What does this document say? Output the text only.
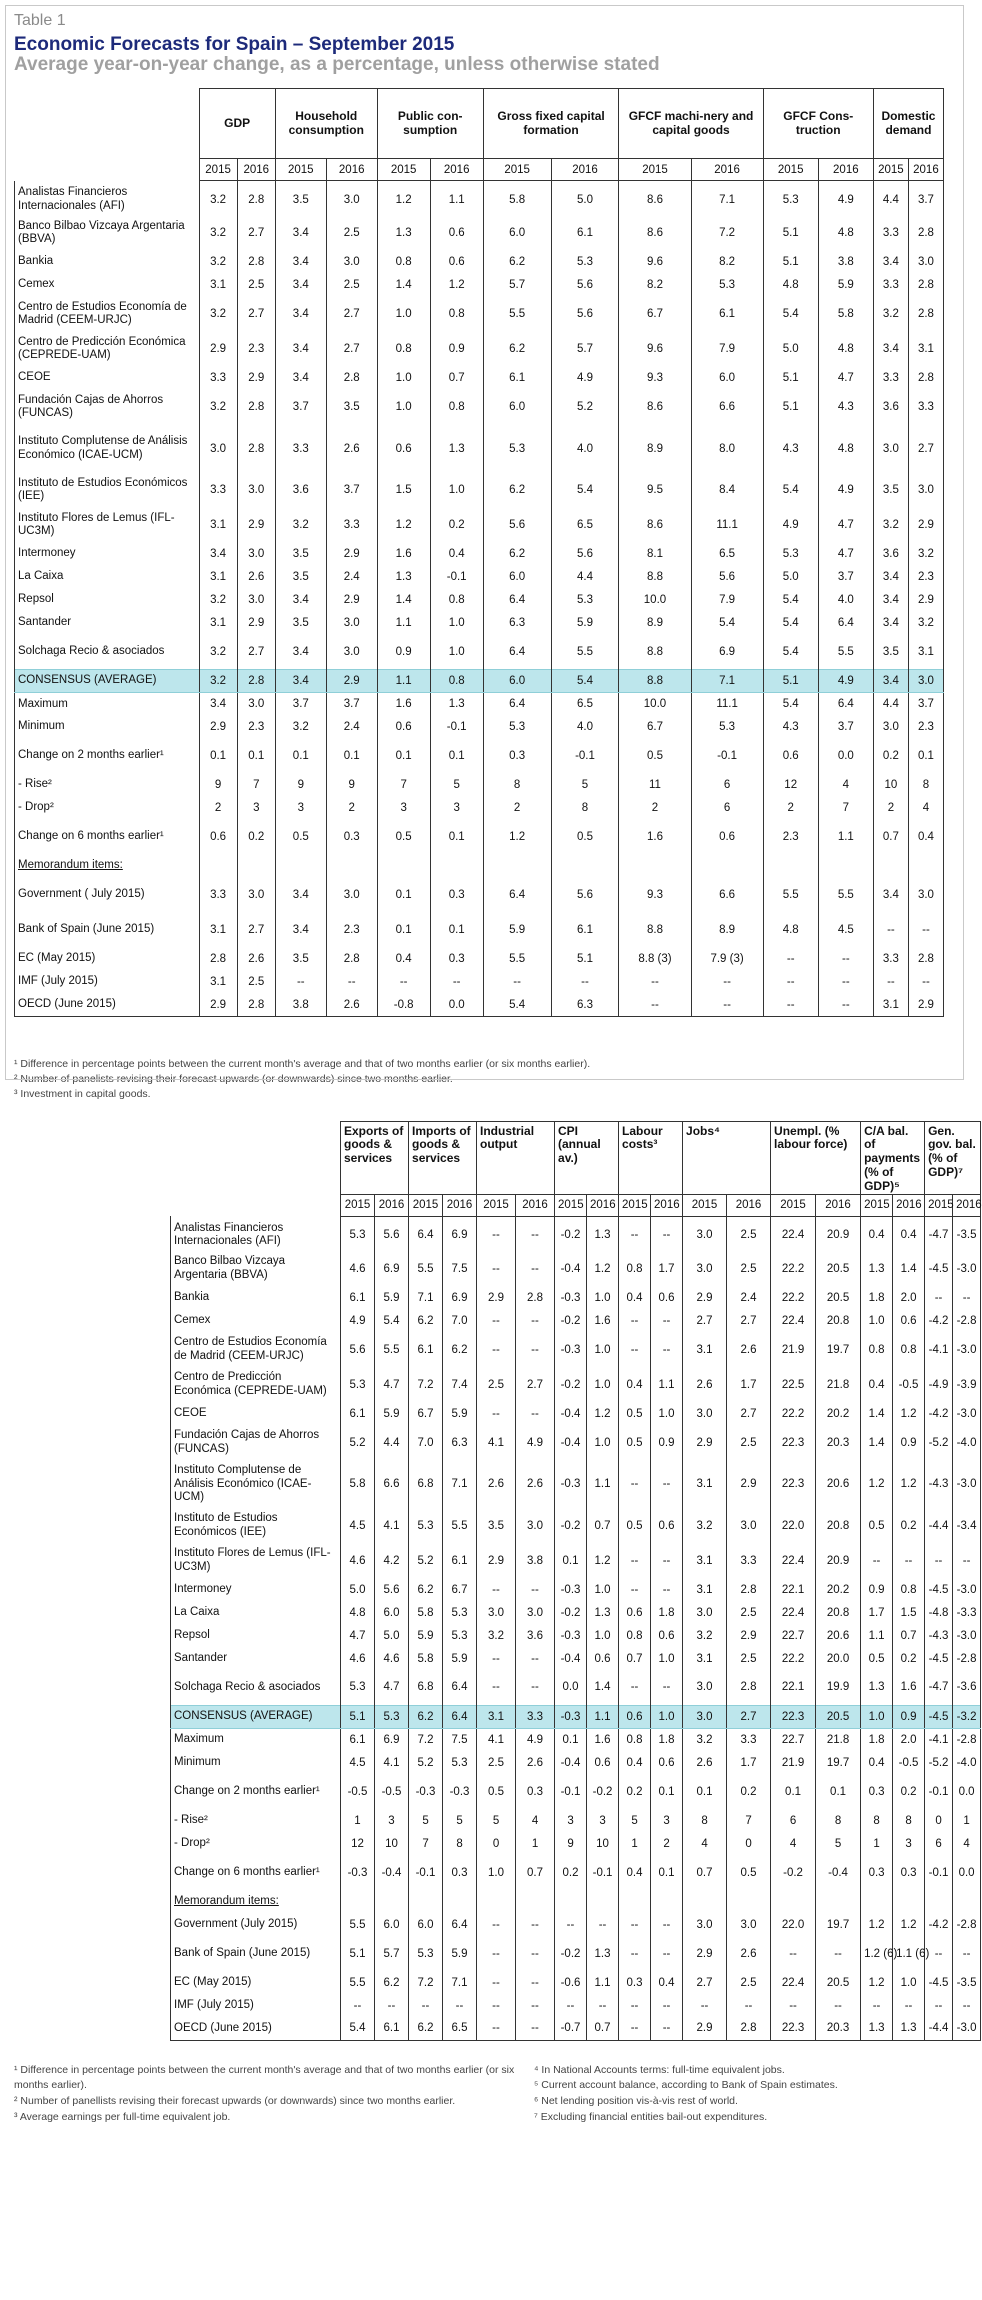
Table 1
Economic Forecasts for Spain – September 2015
Average year-on-year change, as a percentage, unless otherwise stated
	GDP		Household consumption		Public con-sumption		Gross fixed capital formation		GFCF machi-nery and capital goods		GFCF Cons-truction		Domestic demand	
	2015	2016	2015	2016	2015	2016	2015	2016	2015	2016	2015	2016	2015	2016
Analistas Financieros Internacionales (AFI)	3.2	2.8	3.5	3.0	1.2	1.1	5.8	5.0	8.6	7.1	5.3	4.9	4.4	3.7
Banco Bilbao Vizcaya Argentaria (BBVA)	3.2	2.7	3.4	2.5	1.3	0.6	6.0	6.1	8.6	7.2	5.1	4.8	3.3	2.8
Bankia	3.2	2.8	3.4	3.0	0.8	0.6	6.2	5.3	9.6	8.2	5.1	3.8	3.4	3.0
Cemex	3.1	2.5	3.4	2.5	1.4	1.2	5.7	5.6	8.2	5.3	4.8	5.9	3.3	2.8
Centro de Estudios Economía de Madrid (CEEM-URJC)	3.2	2.7	3.4	2.7	1.0	0.8	5.5	5.6	6.7	6.1	5.4	5.8	3.2	2.8
Centro de Predicción Económica (CEPREDE-UAM)	2.9	2.3	3.4	2.7	0.8	0.9	6.2	5.7	9.6	7.9	5.0	4.8	3.4	3.1
CEOE	3.3	2.9	3.4	2.8	1.0	0.7	6.1	4.9	9.3	6.0	5.1	4.7	3.3	2.8
Fundación Cajas de Ahorros (FUNCAS)	3.2	2.8	3.7	3.5	1.0	0.8	6.0	5.2	8.6	6.6	5.1	4.3	3.6	3.3
Instituto Complutense de Análisis Económico (ICAE-UCM)	3.0	2.8	3.3	2.6	0.6	1.3	5.3	4.0	8.9	8.0	4.3	4.8	3.0	2.7
Instituto de Estudios Económicos (IEE)	3.3	3.0	3.6	3.7	1.5	1.0	6.2	5.4	9.5	8.4	5.4	4.9	3.5	3.0
Instituto Flores de Lemus (IFL-UC3M)	3.1	2.9	3.2	3.3	1.2	0.2	5.6	6.5	8.6	11.1	4.9	4.7	3.2	2.9
Intermoney	3.4	3.0	3.5	2.9	1.6	0.4	6.2	5.6	8.1	6.5	5.3	4.7	3.6	3.2
La Caixa	3.1	2.6	3.5	2.4	1.3	-0.1	6.0	4.4	8.8	5.6	5.0	3.7	3.4	2.3
Repsol	3.2	3.0	3.4	2.9	1.4	0.8	6.4	5.3	10.0	7.9	5.4	4.0	3.4	2.9
Santander	3.1	2.9	3.5	3.0	1.1	1.0	6.3	5.9	8.9	5.4	5.4	6.4	3.4	3.2
Solchaga Recio & asociados	3.2	2.7	3.4	3.0	0.9	1.0	6.4	5.5	8.8	6.9	5.4	5.5	3.5	3.1
CONSENSUS (AVERAGE)	3.2	2.8	3.4	2.9	1.1	0.8	6.0	5.4	8.8	7.1	5.1	4.9	3.4	3.0
Maximum	3.4	3.0	3.7	3.7	1.6	1.3	6.4	6.5	10.0	11.1	5.4	6.4	4.4	3.7
Minimum	2.9	2.3	3.2	2.4	0.6	-0.1	5.3	4.0	6.7	5.3	4.3	3.7	3.0	2.3
Change on 2 months earlier¹	0.1	0.1	0.1	0.1	0.1	0.1	0.3	-0.1	0.5	-0.1	0.6	0.0	0.2	0.1
- Rise²	9	7	9	9	7	5	8	5	11	6	12	4	10	8
- Drop²	2	3	3	2	3	3	2	8	2	6	2	7	2	4
Change on 6 months earlier¹	0.6	0.2	0.5	0.3	0.5	0.1	1.2	0.5	1.6	0.6	2.3	1.1	0.7	0.4
Memorandum items:														
Government ( July 2015)	3.3	3.0	3.4	3.0	0.1	0.3	6.4	5.6	9.3	6.6	5.5	5.5	3.4	3.0
Bank of Spain (June 2015)	3.1	2.7	3.4	2.3	0.1	0.1	5.9	6.1	8.8	8.9	4.8	4.5	--	--
EC (May 2015)	2.8	2.6	3.5	2.8	0.4	0.3	5.5	5.1	8.8 (3)	7.9 (3)	--	--	3.3	2.8
IMF (July 2015)	3.1	2.5	--	--	--	--	--	--	--	--	--	--	--	--
OECD (June 2015)	2.9	2.8	3.8	2.6	-0.8	0.0	5.4	6.3	--	--	--	--	3.1	2.9
¹ Difference in percentage points between the current month's average and that of two months earlier (or six months earlier).
² Number of panelists revising their forecast upwards (or downwards) since two months earlier.
³ Investment in capital goods.
	Exports of goods & services		Imports of goods & services		Industrial output		CPI (annual av.)		Labour costs³		Jobs⁴		Unempl. (% labour force)		C/A bal. of payments (% of GDP)⁵		Gen. gov. bal. (% of GDP)⁷	
	2015	2016	2015	2016	2015	2016	2015	2016	2015	2016	2015	2016	2015	2016	2015	2016	2015	2016
Analistas Financieros Internacionales (AFI)	5.3	5.6	6.4	6.9	--	--	-0.2	1.3	--	--	3.0	2.5	22.4	20.9	0.4	0.4	-4.7	-3.5
Banco Bilbao Vizcaya Argentaria (BBVA)	4.6	6.9	5.5	7.5	--	--	-0.4	1.2	0.8	1.7	3.0	2.5	22.2	20.5	1.3	1.4	-4.5	-3.0
Bankia	6.1	5.9	7.1	6.9	2.9	2.8	-0.3	1.0	0.4	0.6	2.9	2.4	22.2	20.5	1.8	2.0	--	--
Cemex	4.9	5.4	6.2	7.0	--	--	-0.2	1.6	--	--	2.7	2.7	22.4	20.8	1.0	0.6	-4.2	-2.8
Centro de Estudios Economía de Madrid (CEEM-URJC)	5.6	5.5	6.1	6.2	--	--	-0.3	1.0	--	--	3.1	2.6	21.9	19.7	0.8	0.8	-4.1	-3.0
Centro de Predicción Económica (CEPREDE-UAM)	5.3	4.7	7.2	7.4	2.5	2.7	-0.2	1.0	0.4	1.1	2.6	1.7	22.5	21.8	0.4	-0.5	-4.9	-3.9
CEOE	6.1	5.9	6.7	5.9	--	--	-0.4	1.2	0.5	1.0	3.0	2.7	22.2	20.2	1.4	1.2	-4.2	-3.0
Fundación Cajas de Ahorros (FUNCAS)	5.2	4.4	7.0	6.3	4.1	4.9	-0.4	1.0	0.5	0.9	2.9	2.5	22.3	20.3	1.4	0.9	-5.2	-4.0
Instituto Complutense de Análisis Económico (ICAE-UCM)	5.8	6.6	6.8	7.1	2.6	2.6	-0.3	1.1	--	--	3.1	2.9	22.3	20.6	1.2	1.2	-4.3	-3.0
Instituto de Estudios Económicos (IEE)	4.5	4.1	5.3	5.5	3.5	3.0	-0.2	0.7	0.5	0.6	3.2	3.0	22.0	20.8	0.5	0.2	-4.4	-3.4
Instituto Flores de Lemus (IFL-UC3M)	4.6	4.2	5.2	6.1	2.9	3.8	0.1	1.2	--	--	3.1	3.3	22.4	20.9	--	--	--	--
Intermoney	5.0	5.6	6.2	6.7	--	--	-0.3	1.0	--	--	3.1	2.8	22.1	20.2	0.9	0.8	-4.5	-3.0
La Caixa	4.8	6.0	5.8	5.3	3.0	3.0	-0.2	1.3	0.6	1.8	3.0	2.5	22.4	20.8	1.7	1.5	-4.8	-3.3
Repsol	4.7	5.0	5.9	5.3	3.2	3.6	-0.3	1.0	0.8	0.6	3.2	2.9	22.7	20.6	1.1	0.7	-4.3	-3.0
Santander	4.6	4.6	5.8	5.9	--	--	-0.4	0.6	0.7	1.0	3.1	2.5	22.2	20.0	0.5	0.2	-4.5	-2.8
Solchaga Recio & asociados	5.3	4.7	6.8	6.4	--	--	0.0	1.4	--	--	3.0	2.8	22.1	19.9	1.3	1.6	-4.7	-3.6
CONSENSUS (AVERAGE)	5.1	5.3	6.2	6.4	3.1	3.3	-0.3	1.1	0.6	1.0	3.0	2.7	22.3	20.5	1.0	0.9	-4.5	-3.2
Maximum	6.1	6.9	7.2	7.5	4.1	4.9	0.1	1.6	0.8	1.8	3.2	3.3	22.7	21.8	1.8	2.0	-4.1	-2.8
Minimum	4.5	4.1	5.2	5.3	2.5	2.6	-0.4	0.6	0.4	0.6	2.6	1.7	21.9	19.7	0.4	-0.5	-5.2	-4.0
Change on 2 months earlier¹	-0.5	-0.5	-0.3	-0.3	0.5	0.3	-0.1	-0.2	0.2	0.1	0.1	0.2	0.1	0.1	0.3	0.2	-0.1	0.0
- Rise²	1	3	5	5	5	4	3	3	5	3	8	7	6	8	8	8	0	1
- Drop²	12	10	7	8	0	1	9	10	1	2	4	0	4	5	1	3	6	4
Change on 6 months earlier¹	-0.3	-0.4	-0.1	0.3	1.0	0.7	0.2	-0.1	0.4	0.1	0.7	0.5	-0.2	-0.4	0.3	0.3	-0.1	0.0
Memorandum items:																		
Government (July 2015)	5.5	6.0	6.0	6.4	--	--	--	--	--	--	3.0	3.0	22.0	19.7	1.2	1.2	-4.2	-2.8
Bank of Spain (June 2015)	5.1	5.7	5.3	5.9	--	--	-0.2	1.3	--	--	2.9	2.6	--	--	1.2 (6)	1.1 (6)	--	--
EC (May 2015)	5.5	6.2	7.2	7.1	--	--	-0.6	1.1	0.3	0.4	2.7	2.5	22.4	20.5	1.2	1.0	-4.5	-3.5
IMF (July 2015)	--	--	--	--	--	--	--	--	--	--	--	--	--	--	--	--	--	--
OECD (June 2015)	5.4	6.1	6.2	6.5	--	--	-0.7	0.7	--	--	2.9	2.8	22.3	20.3	1.3	1.3	-4.4	-3.0
¹ Difference in percentage points between the current month's average and that of two months earlier (or six months earlier).
² Number of panellists revising their forecast upwards (or downwards) since two months earlier.
³ Average earnings per full-time equivalent job.
⁴ In National Accounts terms: full-time equivalent jobs.
⁵ Current account balance, according to Bank of Spain estimates.
⁶ Net lending position vis-à-vis rest of world.
⁷ Excluding financial entities bail-out expenditures.
